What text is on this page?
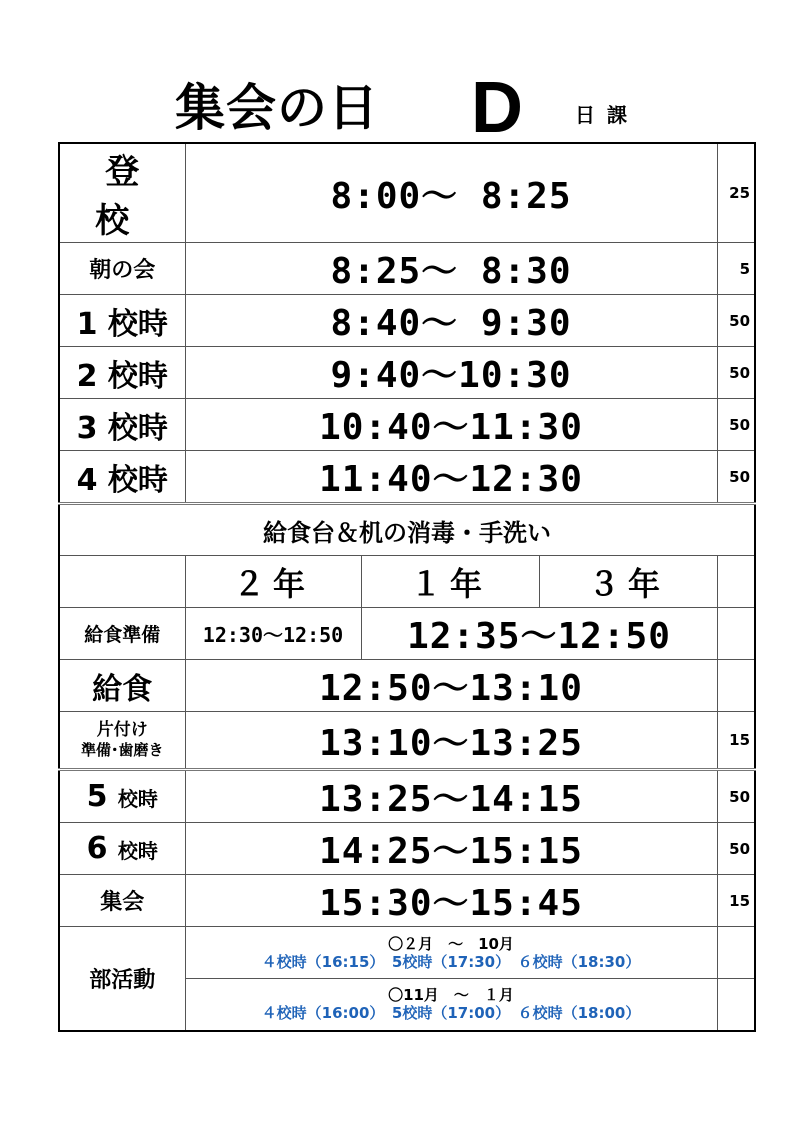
集会の日 D	日課
登校	8:00～ 8:25			25
朝の会	8:25～ 8:30			5
1 校時	8:40～ 9:30			50
2 校時	9:40～10:30			50
3 校時	10:40～11:30			50
4 校時	11:40～12:30			50
給食台＆机の消毒・手洗い				
	２年	１年	３年	
給食準備	12:30～12:50	12:35～12:50		
給食	12:50～13:10			

片付け
準備･歯磨き	13:10～13:25			15
5 校時	13:25～14:15			50
6 校時	14:25～15:15			50
集会	15:30～15:45			15
部活動	〇２月　～　10月
４校時（16:15）　5校時（17:30）　６校時（18:30）			

	〇11月　～　１月
４校時（16:00）　5校時（17:00）　６校時（18:00）			
